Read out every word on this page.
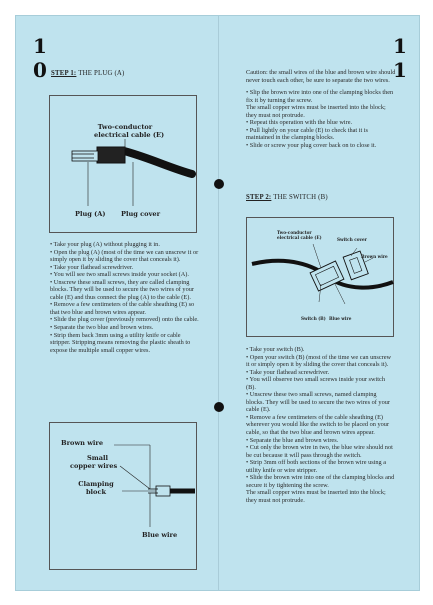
1
0
1
1
STEP 1: THE PLUG (A)
Two-conductor
electrical cable (E)
Plug (A) Plug cover

• Take your plug (A) without plugging it in.

• Open the plug (A) (most of the time we can unscrew it or simply open it by sliding the cover that conceals it).

• Take your flathead screwdriver.

• You will see two small screws inside your socket (A).

• Unscrew these small screws, they are called clamping blocks. They will be used to secure the two wires of your cable (E) and thus connect the plug (A) to the cable (E).

• Remove a few centimeters of the cable sheathing (E) so that two blue and brown wires appear.

• Slide the plug cover (previously removed) onto the cable.

• Separate the two blue and brown wires.

• Strip them back 3mm using a utility knife or cable stripper. Stripping means removing the plastic sheath to expose the multiple small copper wires.

Brown wire
Small
copper wires
Clamping
block
Blue wire

Caution: the small wires of the blue and brown wire should never touch each other, be sure to separate the two wires.

• Slip the brown wire into one of the clamping blocks then fix it by turning the screw.

The small copper wires must be inserted into the block; they must not protrude.

• Repeat this operation with the blue wire.

• Pull lightly on your cable (E) to check that it is maintained in the clamping blocks.

• Slide or screw your plug cover back on to close it.

STEP 2: THE SWITCH (B)
Two-conductor
electrical cable (E)	Switch cover
Brown wire
Switch (B) Blue wire

• Take your switch (B).

• Open your switch (B) (most of the time we can unscrew it or simply open it by sliding the cover that conceals it).

• Take your flathead screwdriver.

• You will observe two small screws inside your switch (B).

• Unscrew these two small screws, named clamping blocks. They will be used to secure the two wires of your cable (E).

• Remove a few centimeters of the cable sheathing (E) wherever you would like the switch to be placed on your cable, so that the two blue and brown wires appear.

• Separate the blue and brown wires.

• Cut only the brown wire in two, the blue wire should not be cut because it will pass through the switch.

• Strip 3mm off both sections of the brown wire using a utility knife or wire stripper.

• Slide the brown wire into one of the clamping blocks and secure it by tightening the screw.

The small copper wires must be inserted into the block; they must not protrude.
